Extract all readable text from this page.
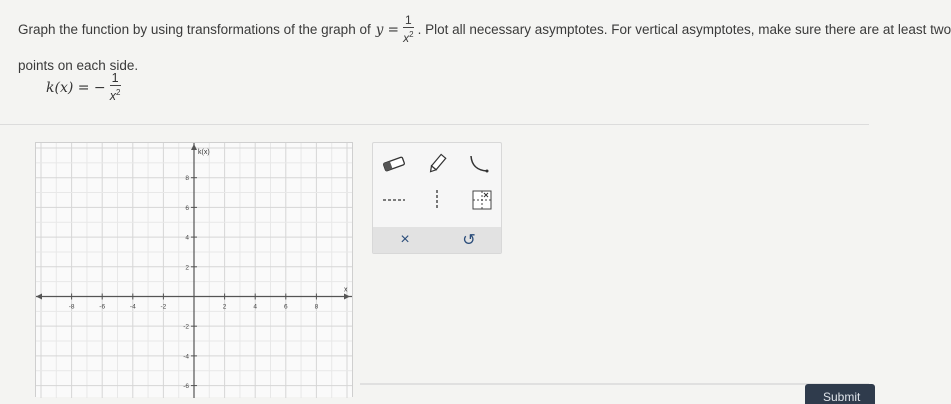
Graph the function by using transformations of the graph of $y = \frac{1}{x^2}$ . Plot all necessary asymptotes. For vertical asymptotes, make sure there are at least two
points on each side.
k(x) = − $\frac{1}{x^2}$
-8	-6	-4	-2	2	4	6	8
8
6
4
2
-2
-4
-6
k(x)
x
×	↺
Submit
